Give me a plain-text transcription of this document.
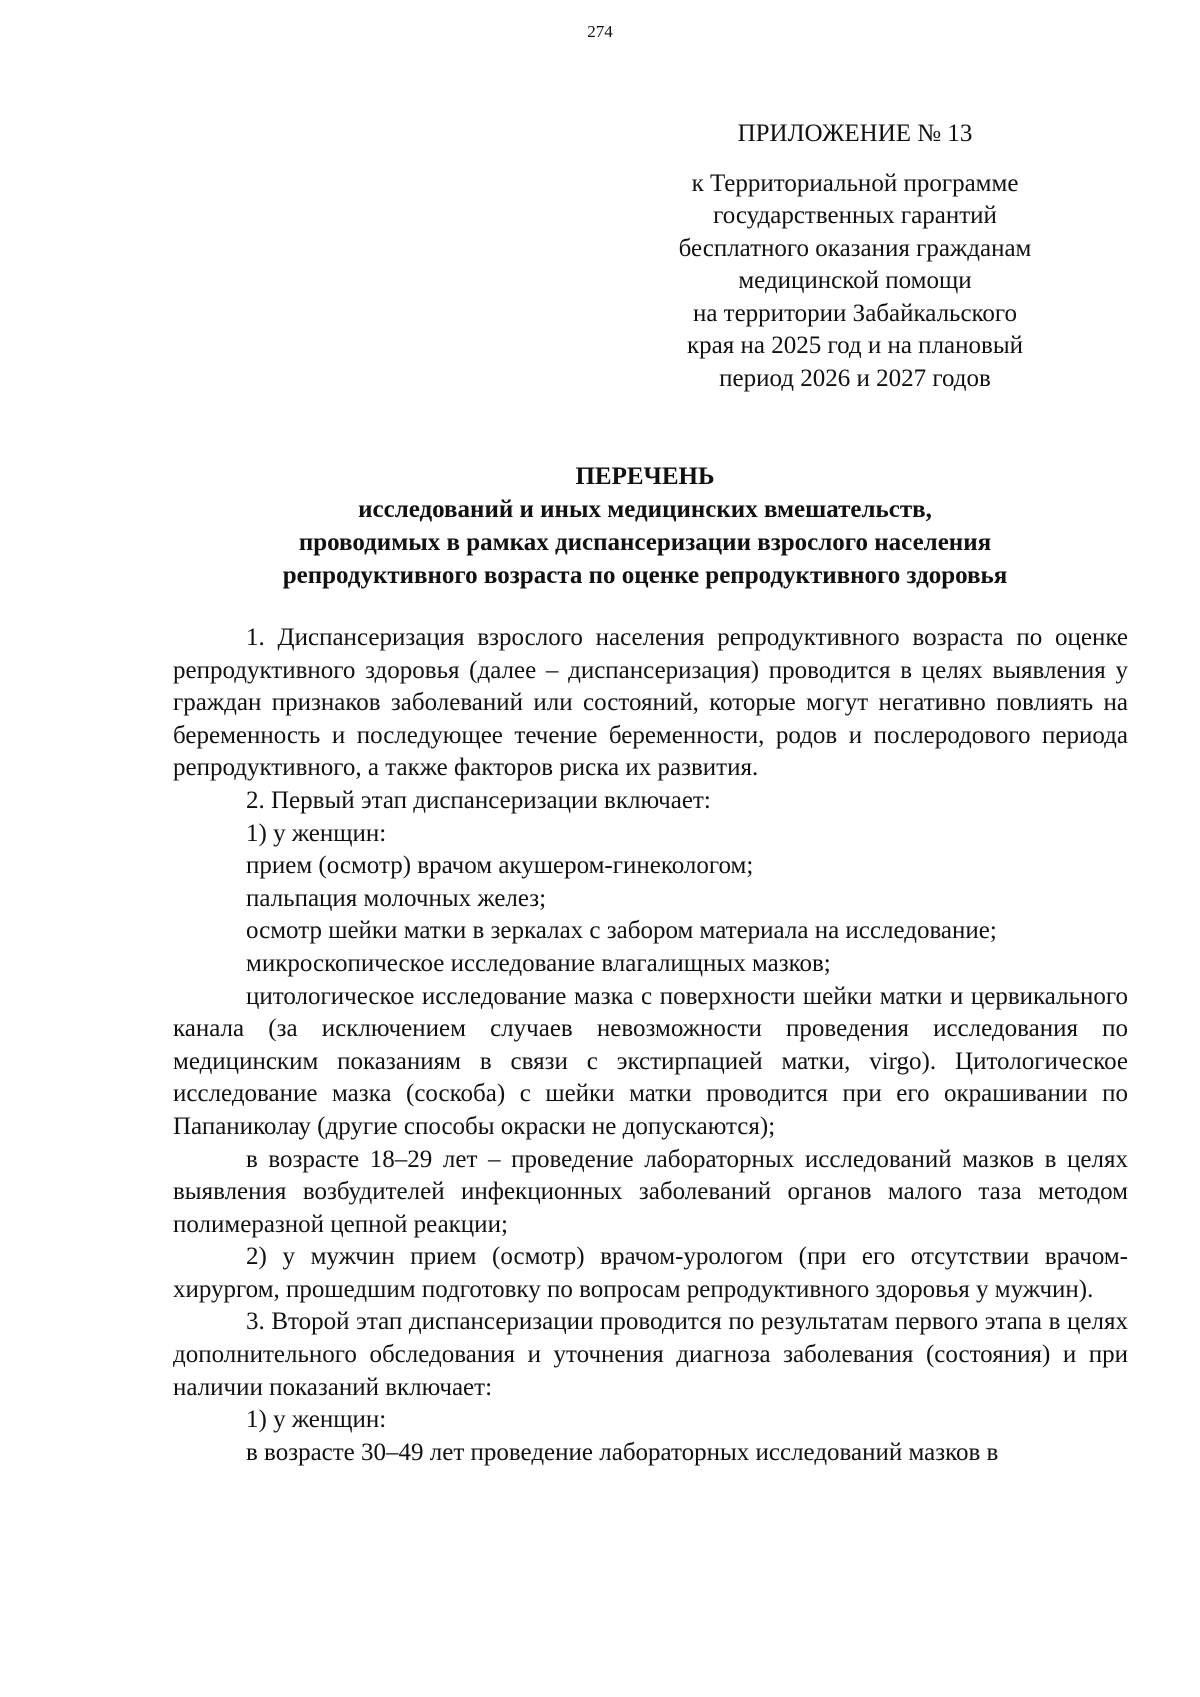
274
ПРИЛОЖЕНИЕ № 13
к Территориальной программе
государственных гарантий
бесплатного оказания гражданам
медицинской помощи
на территории Забайкальского
края на 2025 год и на плановый
период 2026 и 2027 годов
ПЕРЕЧЕНЬ
исследований и иных медицинских вмешательств,
проводимых в рамках диспансеризации взрослого населения
репродуктивного возраста по оценке репродуктивного здоровья

1. Диспансеризация взрослого населения репродуктивного возраста по оценке репродуктивного здоровья (далее – диспансеризация) проводится в целях выявления у граждан признаков заболеваний или состояний, которые могут негативно повлиять на беременность и последующее течение беременности, родов и послеродового периода репродуктивного, а также факторов риска их развития.

2. Первый этап диспансеризации включает:

1) у женщин:

прием (осмотр) врачом акушером-гинекологом;

пальпация молочных желез;

осмотр шейки матки в зеркалах с забором материала на исследование;

микроскопическое исследование влагалищных мазков;

цитологическое исследование мазка с поверхности шейки матки и цервикального канала (за исключением случаев невозможности проведения исследования по медицинским показаниям в связи с экстирпацией матки, virgo). Цитологическое исследование мазка (соскоба) с шейки матки проводится при его окрашивании по Папаниколау (другие способы окраски не допускаются);

в возрасте 18–29 лет – проведение лабораторных исследований мазков в целях выявления возбудителей инфекционных заболеваний органов малого таза методом полимеразной цепной реакции;

2) у мужчин прием (осмотр) врачом-урологом (при его отсутствии врачом-хирургом, прошедшим подготовку по вопросам репродуктивного здоровья у мужчин).

3. Второй этап диспансеризации проводится по результатам первого этапа в целях дополнительного обследования и уточнения диагноза заболевания (состояния) и при наличии показаний включает:

1) у женщин:

в возрасте 30–49 лет проведение лабораторных исследований мазков в
